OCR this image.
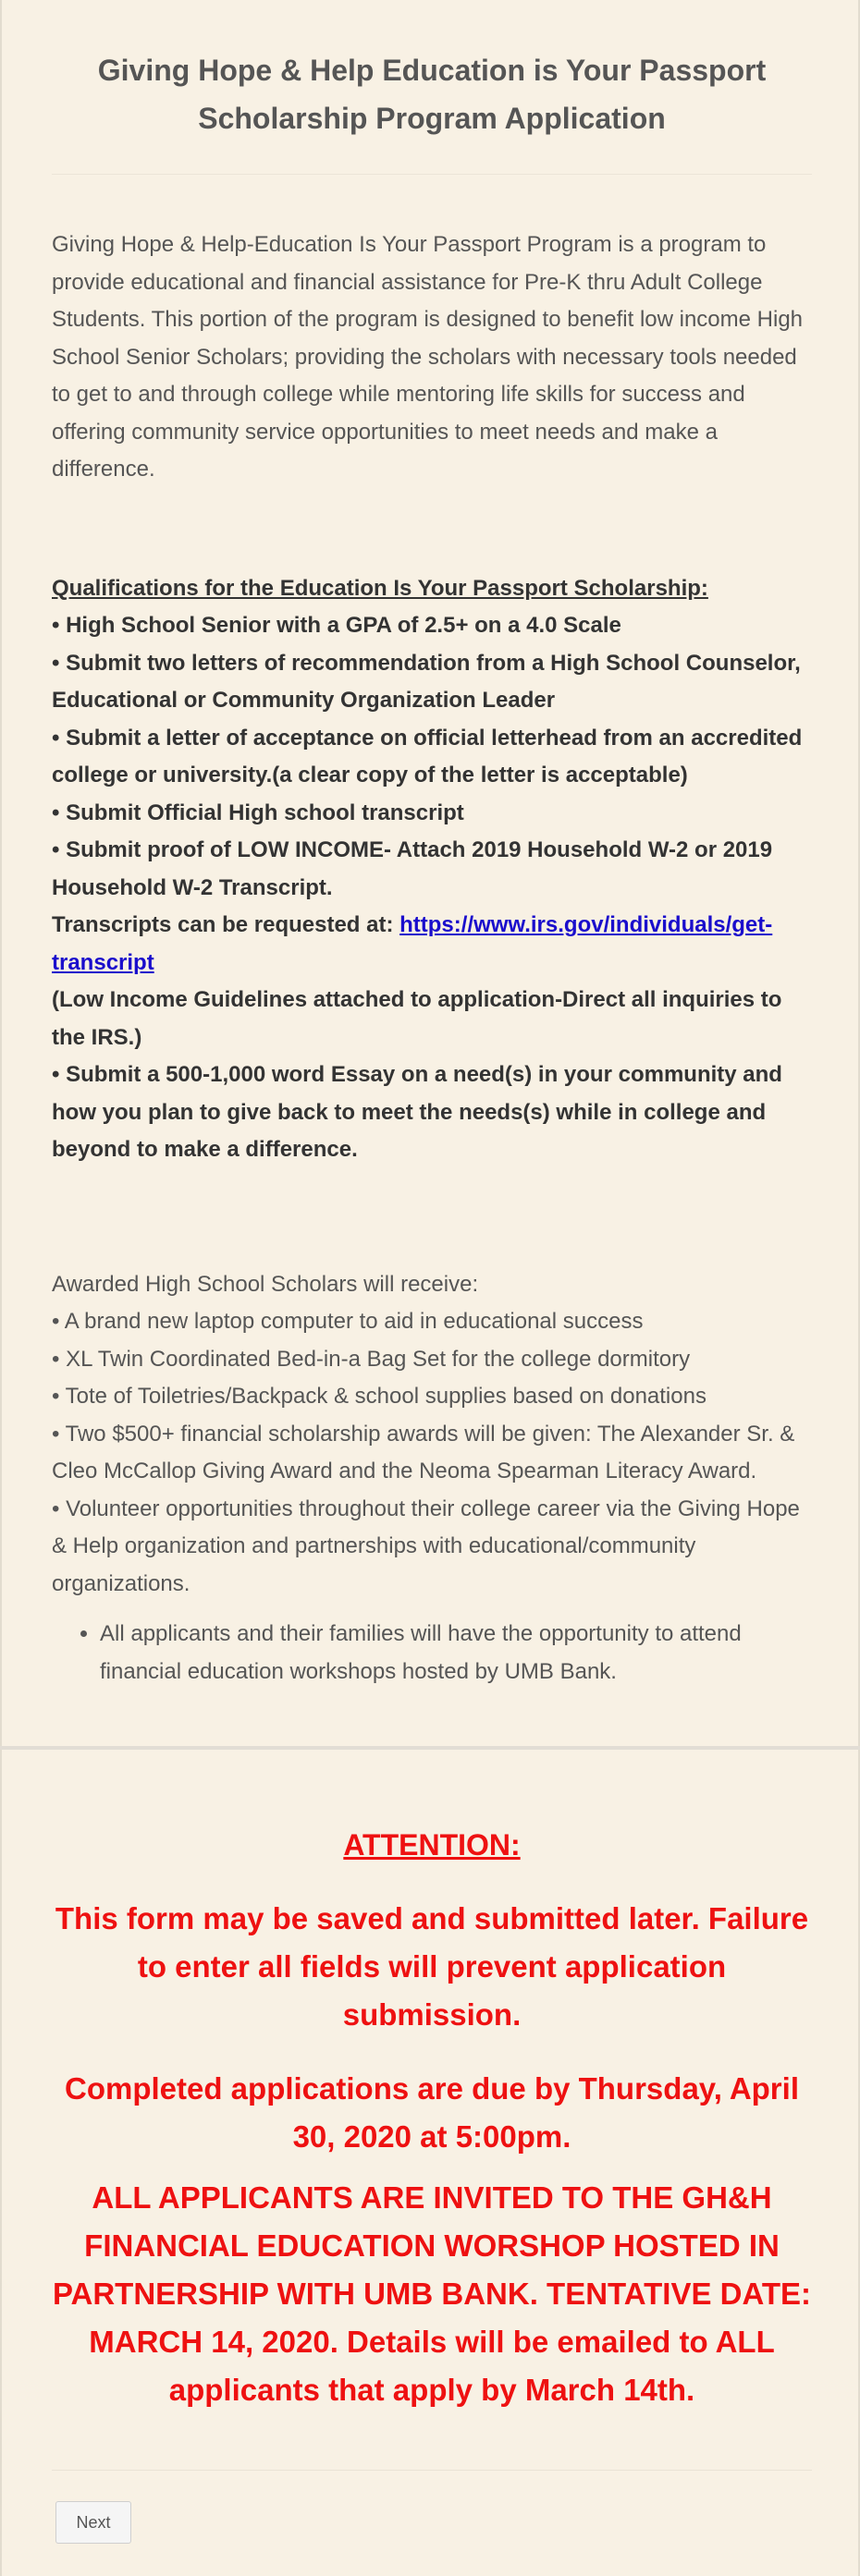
Giving Hope & Help Education is Your Passport
Scholarship Program Application

Giving Hope & Help-Education Is Your Passport Program is a program to provide educational and financial assistance for Pre-K thru Adult College Students. This portion of the program is designed to benefit low income High School Senior Scholars; providing the scholars with necessary tools needed to get to and through college while mentoring life skills for success and offering community service opportunities to meet needs and make a difference.

Qualifications for the Education Is Your Passport Scholarship:
• High School Senior with a GPA of 2.5+ on a 4.0 Scale
• Submit two letters of recommendation from a High School Counselor, Educational or Community Organization Leader
• Submit a letter of acceptance on official letterhead from an accredited college or university.(a clear copy of the letter is acceptable)
• Submit Official High school transcript
• Submit proof of LOW INCOME- Attach 2019 Household W-2 or 2019 Household W-2 Transcript.
Transcripts can be requested at: https://www.irs.gov/individuals/get-transcript
(Low Income Guidelines attached to application-Direct all inquiries to the IRS.)
• Submit a 500-1,000 word Essay on a need(s) in your community and how you plan to give back to meet the needs(s) while in college and beyond to make a difference.
Awarded High School Scholars will receive:
• A brand new laptop computer to aid in educational success
• XL Twin Coordinated Bed-in-a Bag Set for the college dormitory
• Tote of Toiletries/Backpack & school supplies based on donations
• Two $500+ financial scholarship awards will be given: The Alexander Sr. & Cleo McCallop Giving Award and the Neoma Spearman Literacy Award.
• Volunteer opportunities throughout their college career via the Giving Hope & Help organization and partnerships with educational/community organizations.
• All applicants and their families will have the opportunity to attend financial education workshops hosted by UMB Bank.
ATTENTION:
This form may be saved and submitted later. Failure to enter all fields will prevent application submission.
Completed applications are due by Thursday, April 30, 2020 at 5:00pm.
ALL APPLICANTS ARE INVITED TO THE GH&H FINANCIAL EDUCATION WORSHOP HOSTED IN PARTNERSHIP WITH UMB BANK. TENTATIVE DATE: MARCH 14, 2020. Details will be emailed to ALL applicants that apply by March 14th.
Next
